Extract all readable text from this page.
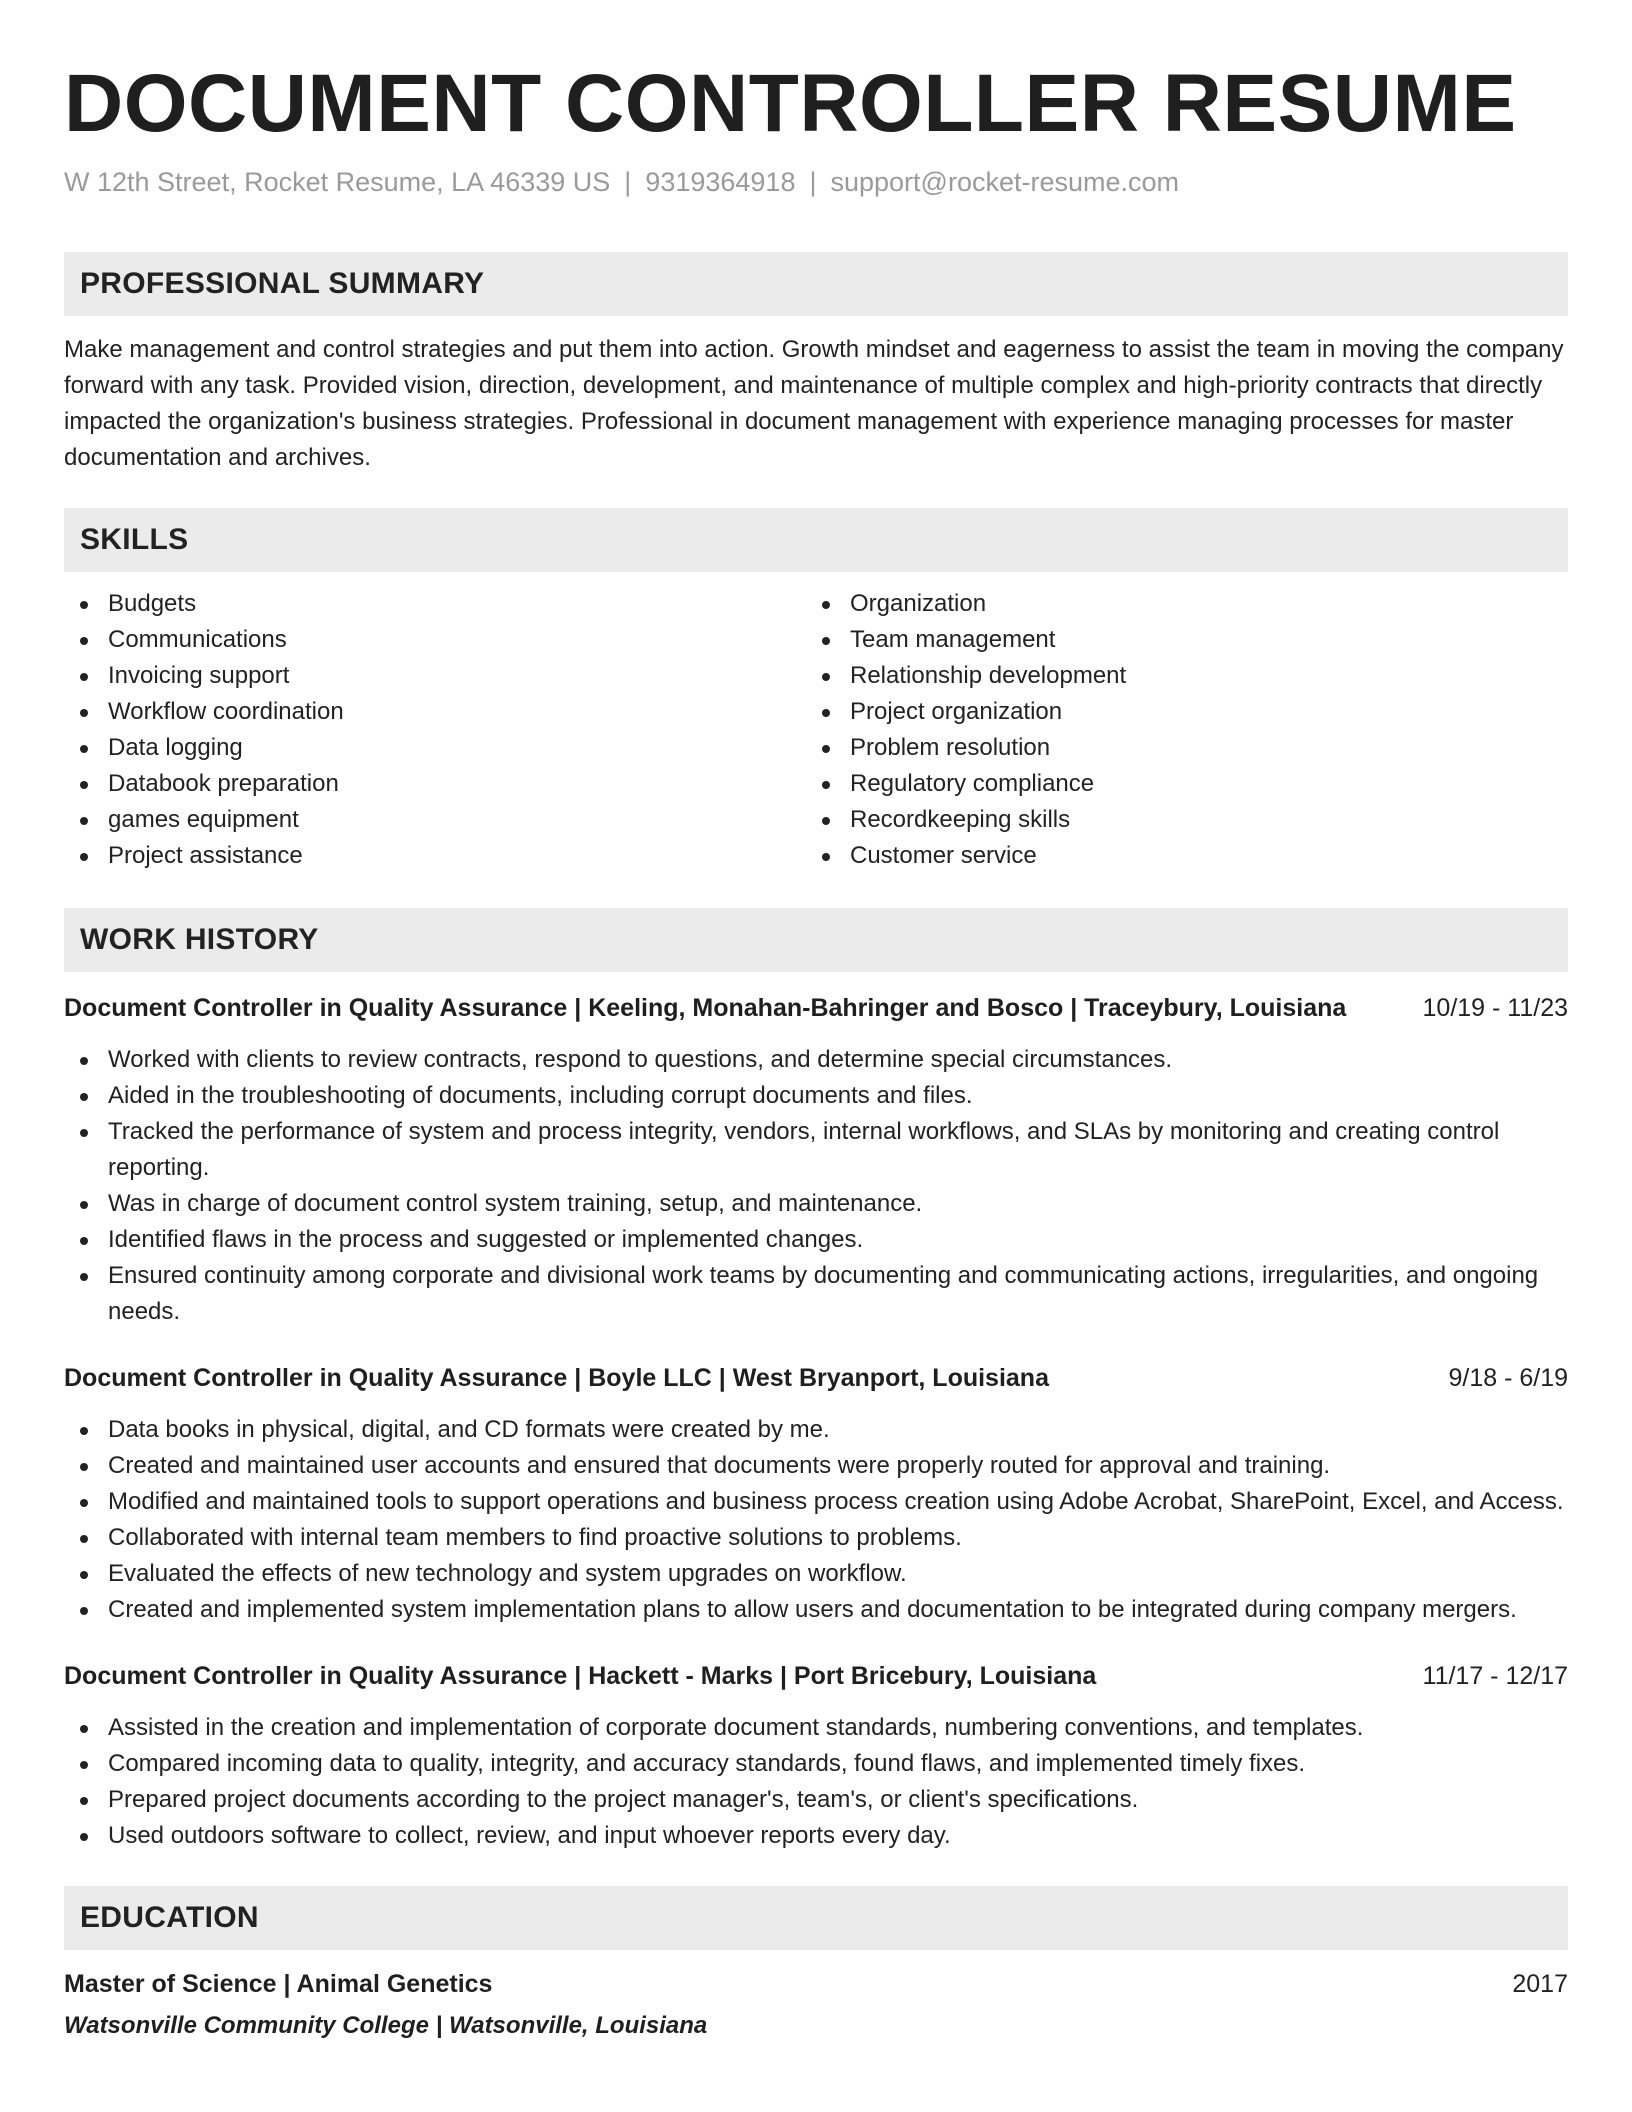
DOCUMENT CONTROLLER RESUME
W 12th Street, Rocket Resume, LA 46339 US | 9319364918 | support@rocket-resume.com
PROFESSIONAL SUMMARY
Make management and control strategies and put them into action. Growth mindset and eagerness to assist the team in moving the company forward with any task. Provided vision, direction, development, and maintenance of multiple complex and high-priority contracts that directly impacted the organization's business strategies. Professional in document management with experience managing processes for master documentation and archives.
SKILLS
Budgets
Communications
Invoicing support
Workflow coordination
Data logging
Databook preparation
games equipment
Project assistance
Organization
Team management
Relationship development
Project organization
Problem resolution
Regulatory compliance
Recordkeeping skills
Customer service
WORK HISTORY
Document Controller in Quality Assurance | Keeling, Monahan-Bahringer and Bosco | Traceybury, Louisiana	10/19 - 11/23
Worked with clients to review contracts, respond to questions, and determine special circumstances.
Aided in the troubleshooting of documents, including corrupt documents and files.
Tracked the performance of system and process integrity, vendors, internal workflows, and SLAs by monitoring and creating control reporting.
Was in charge of document control system training, setup, and maintenance.
Identified flaws in the process and suggested or implemented changes.
Ensured continuity among corporate and divisional work teams by documenting and communicating actions, irregularities, and ongoing needs.
Document Controller in Quality Assurance | Boyle LLC | West Bryanport, Louisiana	9/18 - 6/19
Data books in physical, digital, and CD formats were created by me.
Created and maintained user accounts and ensured that documents were properly routed for approval and training.
Modified and maintained tools to support operations and business process creation using Adobe Acrobat, SharePoint, Excel, and Access.
Collaborated with internal team members to find proactive solutions to problems.
Evaluated the effects of new technology and system upgrades on workflow.
Created and implemented system implementation plans to allow users and documentation to be integrated during company mergers.
Document Controller in Quality Assurance | Hackett - Marks | Port Bricebury, Louisiana	11/17 - 12/17
Assisted in the creation and implementation of corporate document standards, numbering conventions, and templates.
Compared incoming data to quality, integrity, and accuracy standards, found flaws, and implemented timely fixes.
Prepared project documents according to the project manager's, team's, or client's specifications.
Used outdoors software to collect, review, and input whoever reports every day.
EDUCATION
Master of Science | Animal Genetics	2017
Watsonville Community College | Watsonville, Louisiana
